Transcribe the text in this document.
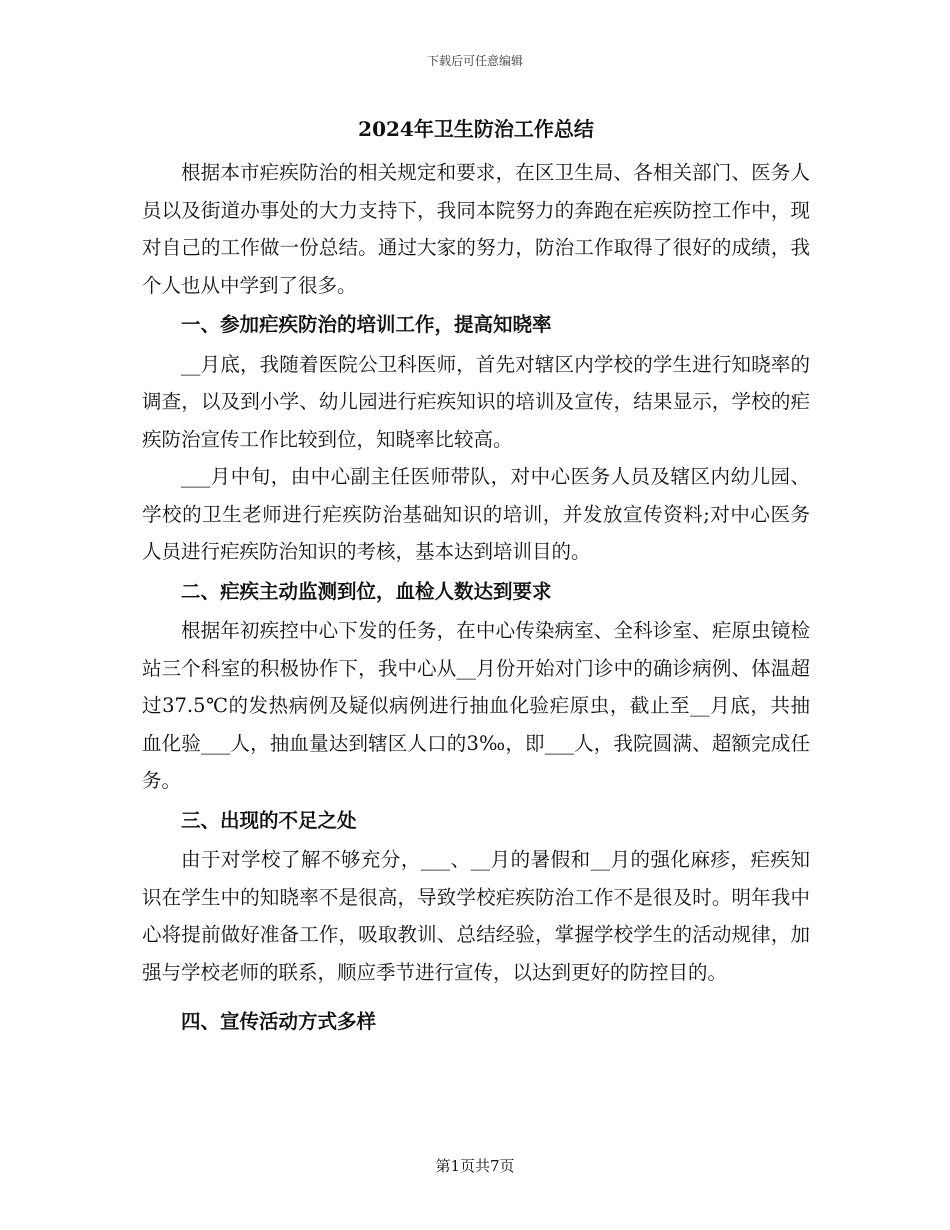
下载后可任意编辑
2024年卫生防治工作总结

根据本市疟疾防治的相关规定和要求，在区卫生局、各相关部门、医务人员以及街道办事处的大力支持下，我同本院努力的奔跑在疟疾防控工作中，现对自己的工作做一份总结。通过大家的努力，防治工作取得了很好的成绩，我个人也从中学到了很多。

一、参加疟疾防治的培训工作，提高知晓率

__月底，我随着医院公卫科医师，首先对辖区内学校的学生进行知晓率的调查，以及到小学、幼儿园进行疟疾知识的培训及宣传，结果显示，学校的疟疾防治宣传工作比较到位，知晓率比较高。

___月中旬，由中心副主任医师带队，对中心医务人员及辖区内幼儿园、学校的卫生老师进行疟疾防治基础知识的培训，并发放宣传资料;对中心医务人员进行疟疾防治知识的考核，基本达到培训目的。

二、疟疾主动监测到位，血检人数达到要求

根据年初疾控中心下发的任务，在中心传染病室、全科诊室、疟原虫镜检站三个科室的积极协作下，我中心从__月份开始对门诊中的确诊病例、体温超过37.5℃的发热病例及疑似病例进行抽血化验疟原虫，截止至__月底，共抽血化验___人，抽血量达到辖区人口的3‰，即___人，我院圆满、超额完成任务。

三、出现的不足之处

由于对学校了解不够充分，___、__月的暑假和__月的强化麻疹，疟疾知识在学生中的知晓率不是很高，导致学校疟疾防治工作不是很及时。明年我中心将提前做好准备工作，吸取教训、总结经验，掌握学校学生的活动规律，加强与学校老师的联系，顺应季节进行宣传，以达到更好的防控目的。

四、宣传活动方式多样

第1页共7页
